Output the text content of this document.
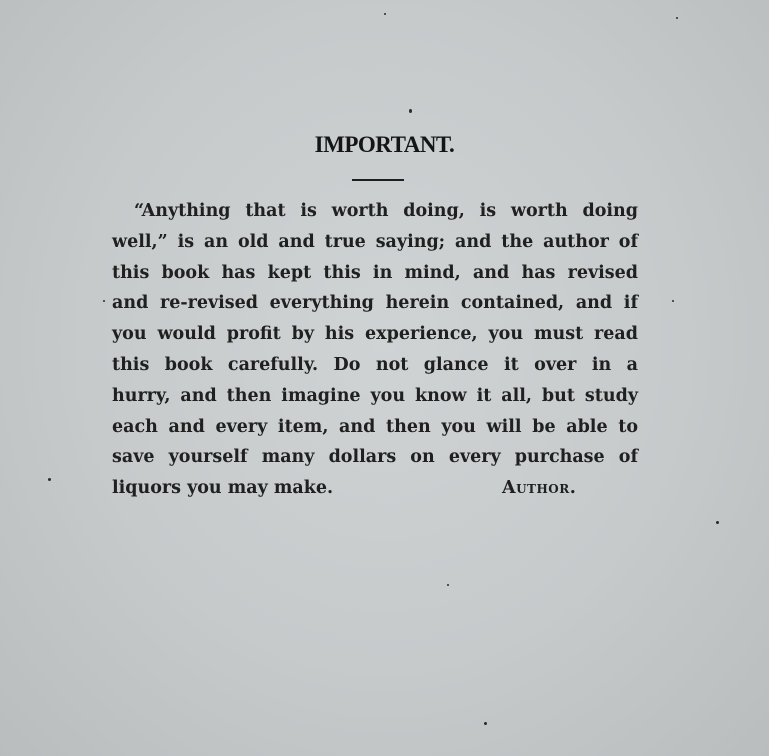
IMPORTANT.
“Anything that is worth doing, is worth doing
well,” is an old and true saying; and the author of
this book has kept this in mind, and has revised
and re-revised everything herein contained, and if
you would profit by his experience, you must read
this book carefully. Do not glance it over in a
hurry, and then imagine you know it all, but study
each and every item, and then you will be able to
save yourself many dollars on every purchase of
liquors you may make.	Author.
